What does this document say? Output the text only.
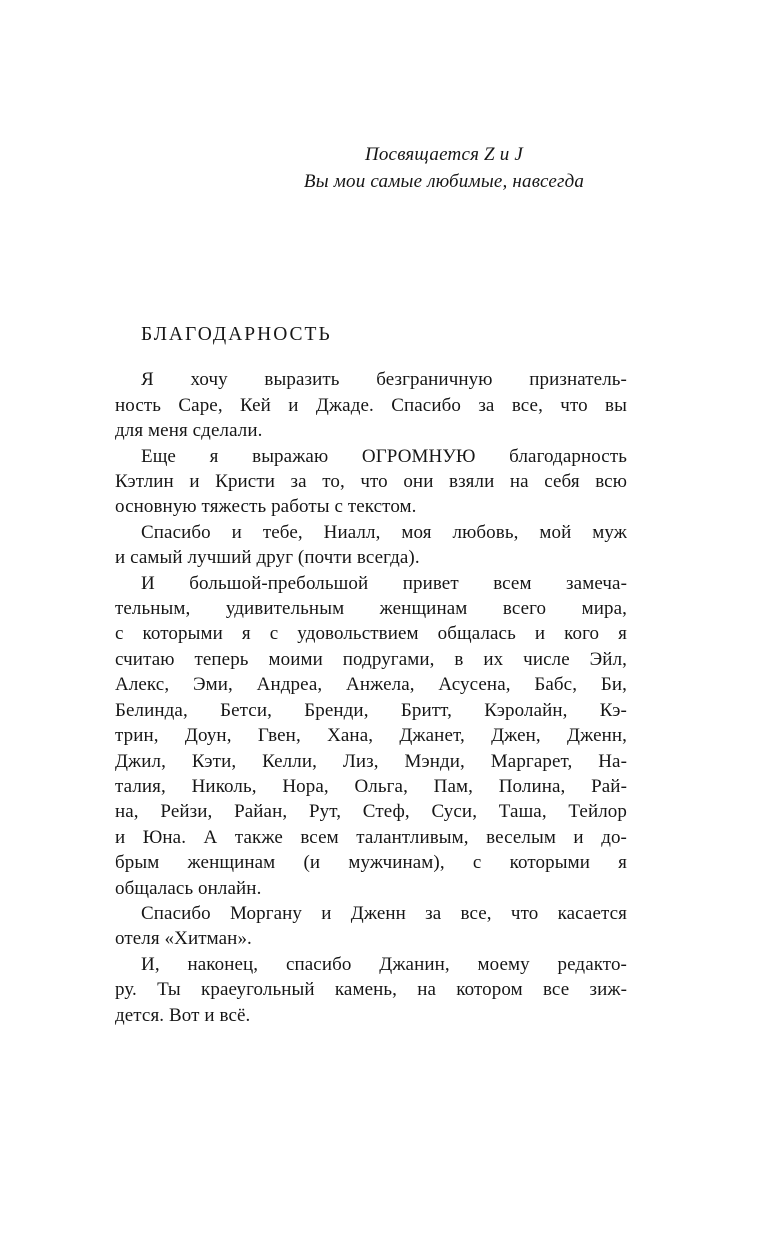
Посвящается Z и J
Вы мои самые любимые, навсегда
БЛАГОДАРНОСТЬ
Я хочу выразить безграничную признатель-
ность Саре, Кей и Джаде. Спасибо за все, что вы
для меня сделали.
Еще я выражаю ОГРОМНУЮ благодарность
Кэтлин и Кристи за то, что они взяли на себя всю
основную тяжесть работы с текстом.
Спасибо и тебе, Ниалл, моя любовь, мой муж
и самый лучший друг (почти всегда).
И большой-пребольшой привет всем замеча-
тельным, удивительным женщинам всего мира,
с которыми я с удовольствием общалась и кого я
считаю теперь моими подругами, в их числе Эйл,
Алекс, Эми, Андреа, Анжела, Асусена, Бабс, Би,
Белинда, Бетси, Бренди, Бритт, Кэролайн, Кэ-
трин, Доун, Гвен, Хана, Джанет, Джен, Дженн,
Джил, Кэти, Келли, Лиз, Мэнди, Маргарет, На-
талия, Николь, Нора, Ольга, Пам, Полина, Рай-
на, Рейзи, Райан, Рут, Стеф, Суси, Таша, Тейлор
и Юна. А также всем талантливым, веселым и до-
брым женщинам (и мужчинам), с которыми я
общалась онлайн.
Спасибо Моргану и Дженн за все, что касается
отеля «Хитман».
И, наконец, спасибо Джанин, моему редакто-
ру. Ты краеугольный камень, на котором все зиж-
дется. Вот и всё.
